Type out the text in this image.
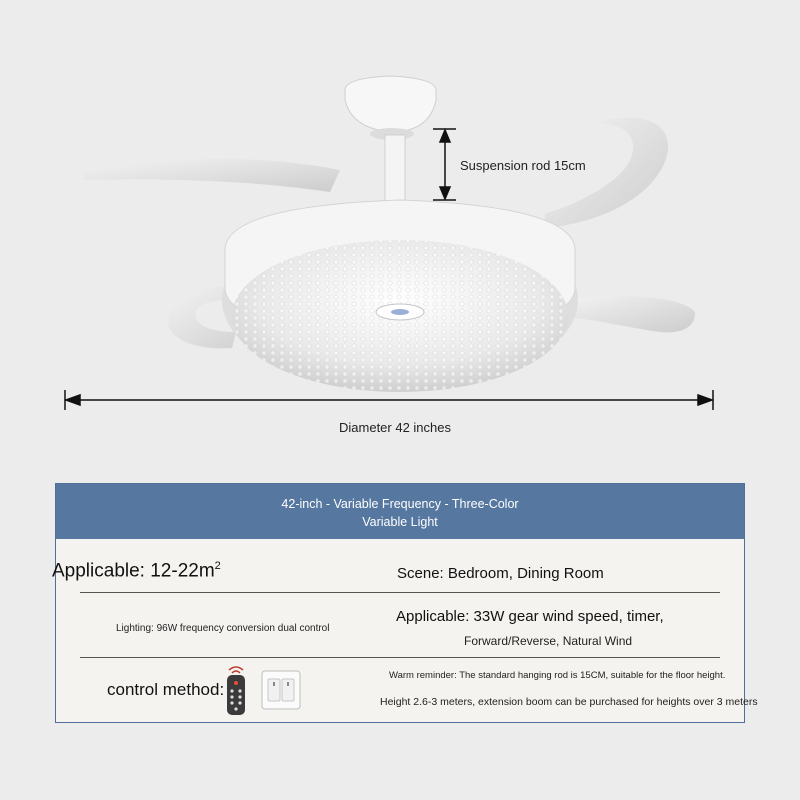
Suspension rod 15cm
Diameter 42 inches
42-inch - Variable Frequency - Three-Color
Variable Light
Applicable: $12-22m^2$	Scene: Bedroom, Dining Room
Lighting: 96W frequency conversion dual control
Applicable: 33W gear wind speed, timer,
Forward/Reverse, Natural Wind
control method:
Warm reminder: The standard hanging rod is 15CM, suitable for the floor height.
Height 2.6-3 meters, extension boom can be purchased for heights over 3 meters
